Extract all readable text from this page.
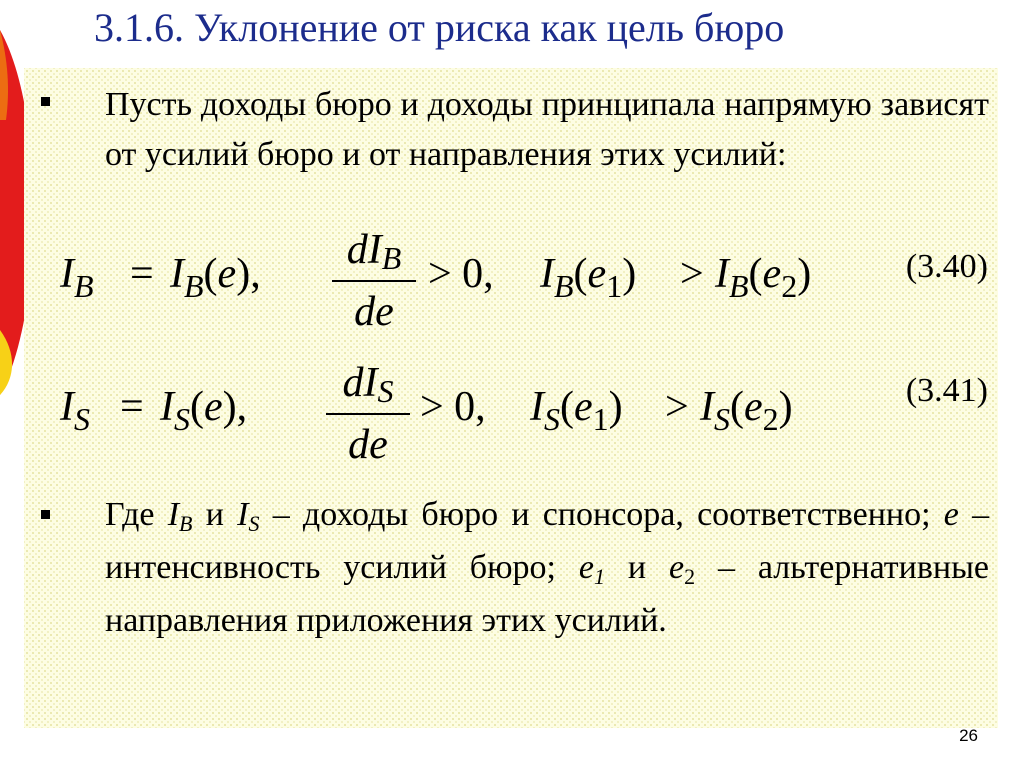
3.1.6. Уклонение от риска как цель бюро
Пусть доходы бюро и доходы принципала напрямую зависят от усилий бюро и от направления этих усилий:
$I_B = I_B(e)$,
dIB
de
> 0, $I_B(e_1) > I_B(e_2)$	(3.40)
$I_S = I_S(e)$,
dIS
de
> 0, $I_S(e_1) > I_S(e_2)$	(3.41)
Где IB и IS – доходы бюро и спонсора, соответственно; e – интенсивность усилий бюро; e1 и e2 – альтернативные направления приложения этих усилий.
26
